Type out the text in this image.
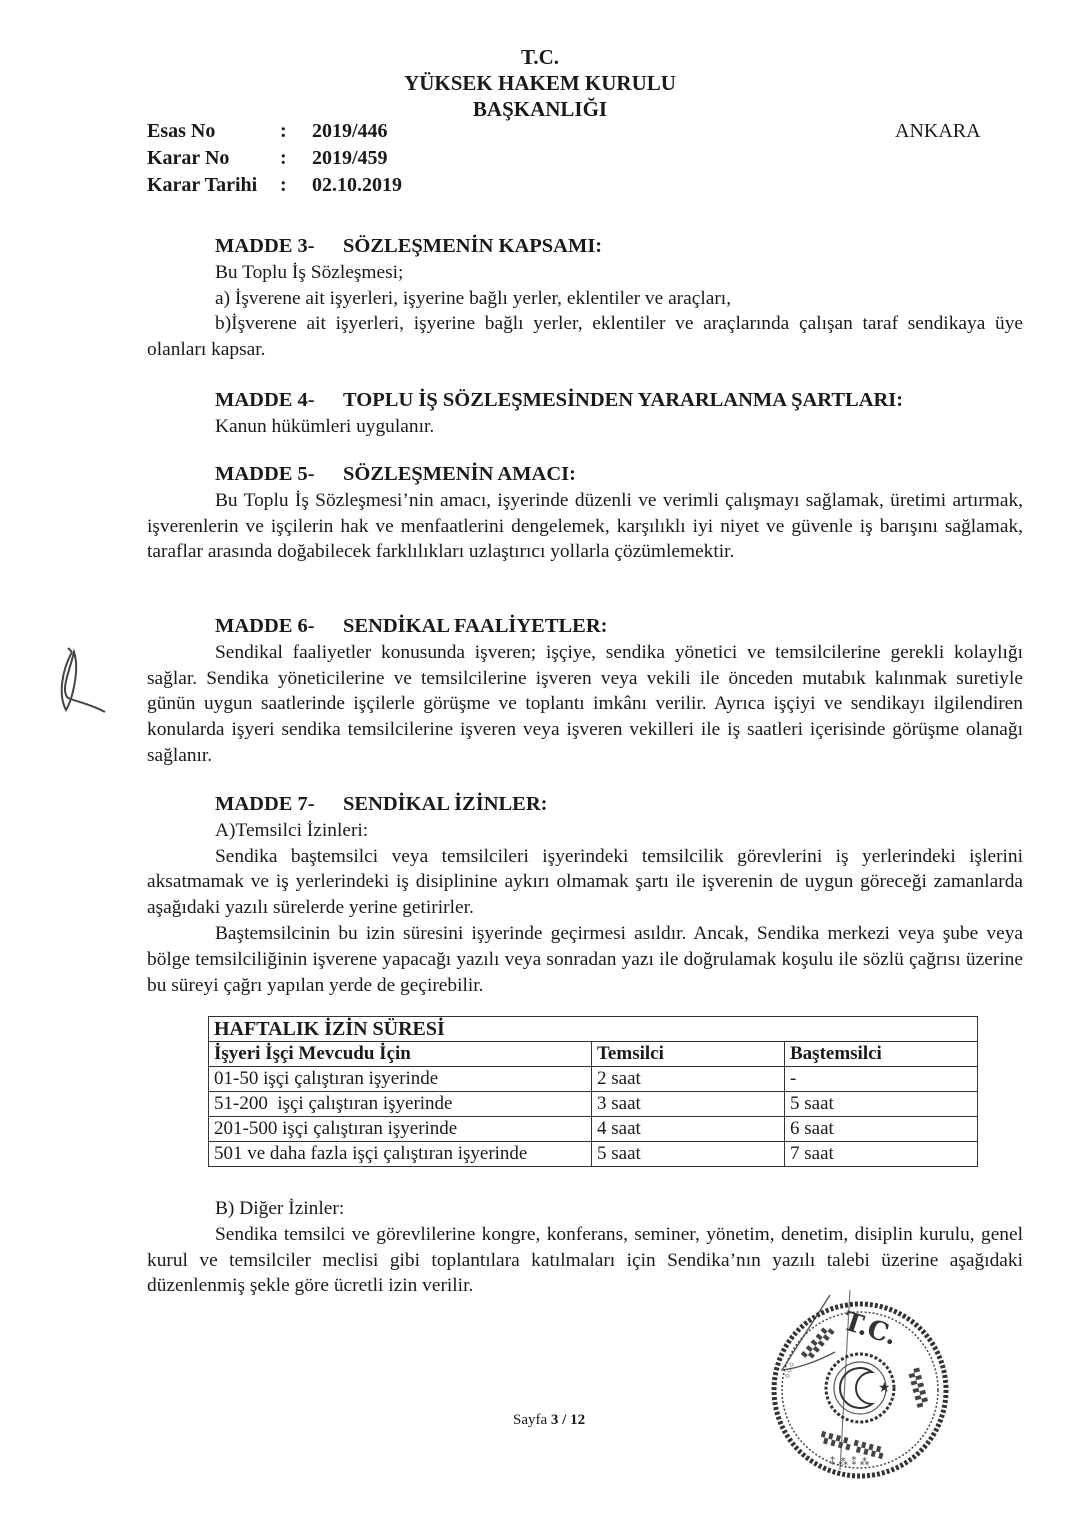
T.C.
YÜKSEK HAKEM KURULU
BAŞKANLIĞI
ANKARA
Esas No	:	2019/446
Karar No	:	2019/459
Karar Tarihi	:	02.10.2019

MADDE 3- SÖZLEŞMENİN KAPSAMI:

Bu Toplu İş Sözleşmesi;

a) İşverene ait işyerleri, işyerine bağlı yerler, eklentiler ve araçları,

b)İşverene ait işyerleri, işyerine bağlı yerler, eklentiler ve araçlarında çalışan taraf sendikaya üye olanları kapsar.

MADDE 4- TOPLU İŞ SÖZLEŞMESİNDEN YARARLANMA ŞARTLARI:

Kanun hükümleri uygulanır.

MADDE 5- SÖZLEŞMENİN AMACI:

Bu Toplu İş Sözleşmesi’nin amacı, işyerinde düzenli ve verimli çalışmayı sağlamak, üretimi artırmak, işverenlerin ve işçilerin hak ve menfaatlerini dengelemek, karşılıklı iyi niyet ve güvenle iş barışını sağlamak, taraflar arasında doğabilecek farklılıkları uzlaştırıcı yollarla çözümlemektir.

MADDE 6- SENDİKAL FAALİYETLER:

Sendikal faaliyetler konusunda işveren; işçiye, sendika yönetici ve temsilcilerine gerekli kolaylığı sağlar. Sendika yöneticilerine ve temsilcilerine işveren veya vekili ile önceden mutabık kalınmak suretiyle günün uygun saatlerinde işçilerle görüşme ve toplantı imkânı verilir. Ayrıca işçiyi ve sendikayı ilgilendiren konularda işyeri sendika temsilcilerine işveren veya işveren vekilleri ile iş saatleri içerisinde görüşme olanağı sağlanır.

MADDE 7- SENDİKAL İZİNLER:

A)Temsilci İzinleri:

Sendika baştemsilci veya temsilcileri işyerindeki temsilcilik görevlerini iş yerlerindeki işlerini aksatmamak ve iş yerlerindeki iş disiplinine aykırı olmamak şartı ile işverenin de uygun göreceği zamanlarda aşağıdaki yazılı sürelerde yerine getirirler.

Baştemsilcinin bu izin süresini işyerinde geçirmesi asıldır. Ancak, Sendika merkezi veya şube veya bölge temsilciliğinin işverene yapacağı yazılı veya sonradan yazı ile doğrulamak koşulu ile sözlü çağrısı üzerine bu süreyi çağrı yapılan yerde de geçirebilir.

HAFTALIK İZİN SÜRESİ		
İşyeri İşçi Mevcudu İçin	Temsilci	Baştemsilci
01-50 işçi çalıştıran işyerinde	2 saat	-
51-200  işçi çalıştıran işyerinde	3 saat	5 saat
201-500 işçi çalıştıran işyerinde	4 saat	6 saat
501 ve daha fazla işçi çalıştıran işyerinde	5 saat	7 saat

B) Diğer İzinler:

Sendika temsilci ve görevlilerine kongre, konferans, seminer, yönetim, denetim, disiplin kurulu, genel kurul ve temsilciler meclisi gibi toplantılara katılmaları için Sendika’nın yazılı talebi üzerine aşağıdaki düzenlenmiş şekle göre ücretli izin verilir.

Sayfa 3 / 12
★
T.C.
ᛜᛜᛜ
▚▚▚▚▚
▚▚▚▚ ▚▚▚▚
▚▚▚▚▚
⁑ ⁂ ⁑ ⁂
